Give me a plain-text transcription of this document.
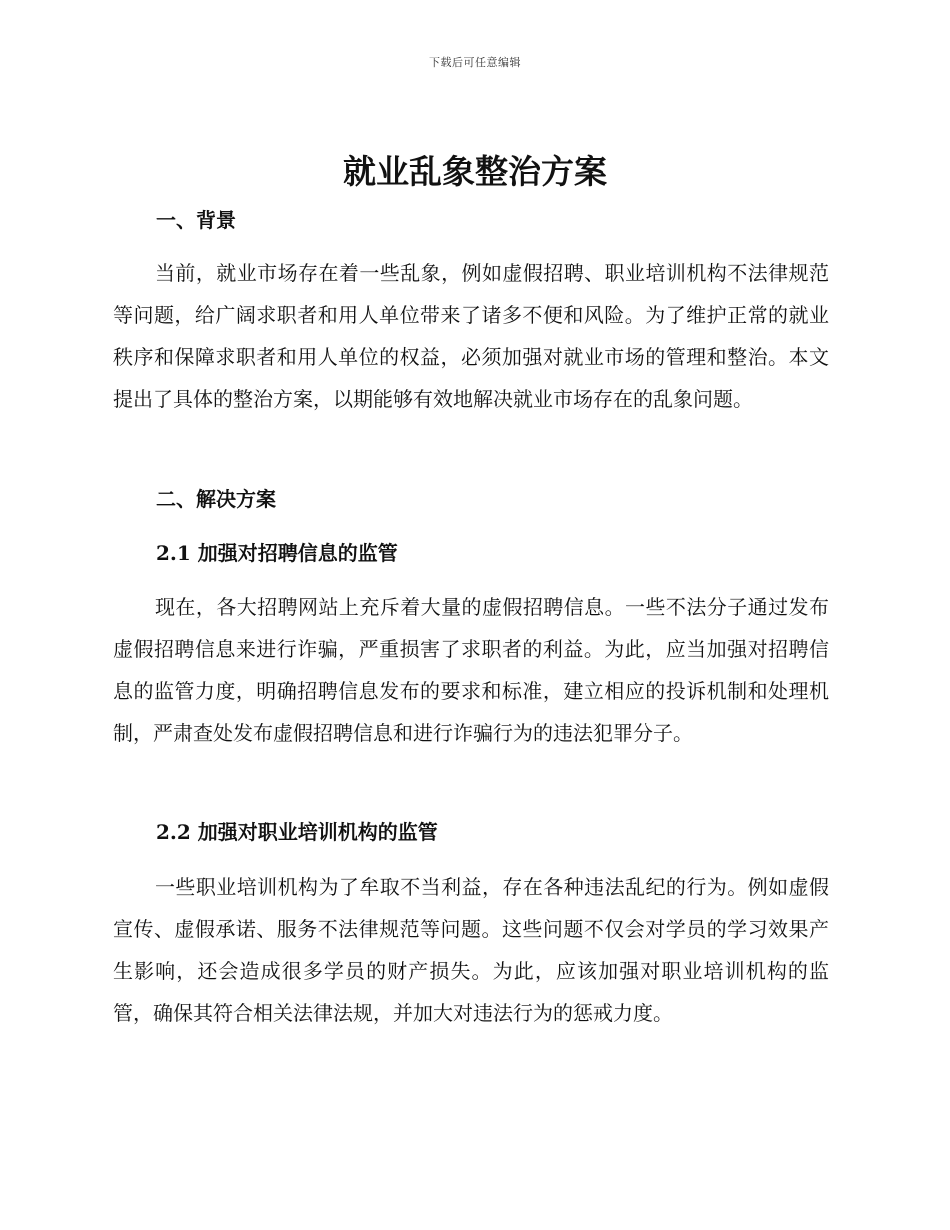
下载后可任意编辑
就业乱象整治方案
一、背景

当前，就业市场存在着一些乱象，例如虚假招聘、职业培训机构不法律规范等问题，给广阔求职者和用人单位带来了诸多不便和风险。为了维护正常的就业秩序和保障求职者和用人单位的权益，必须加强对就业市场的管理和整治。本文提出了具体的整治方案，以期能够有效地解决就业市场存在的乱象问题。

二、解决方案
2.1 加强对招聘信息的监管

现在，各大招聘网站上充斥着大量的虚假招聘信息。一些不法分子通过发布虚假招聘信息来进行诈骗，严重损害了求职者的利益。为此，应当加强对招聘信息的监管力度，明确招聘信息发布的要求和标准，建立相应的投诉机制和处理机制，严肃查处发布虚假招聘信息和进行诈骗行为的违法犯罪分子。

2.2 加强对职业培训机构的监管

一些职业培训机构为了牟取不当利益，存在各种违法乱纪的行为。例如虚假宣传、虚假承诺、服务不法律规范等问题。这些问题不仅会对学员的学习效果产生影响，还会造成很多学员的财产损失。为此，应该加强对职业培训机构的监管，确保其符合相关法律法规，并加大对违法行为的惩戒力度。
